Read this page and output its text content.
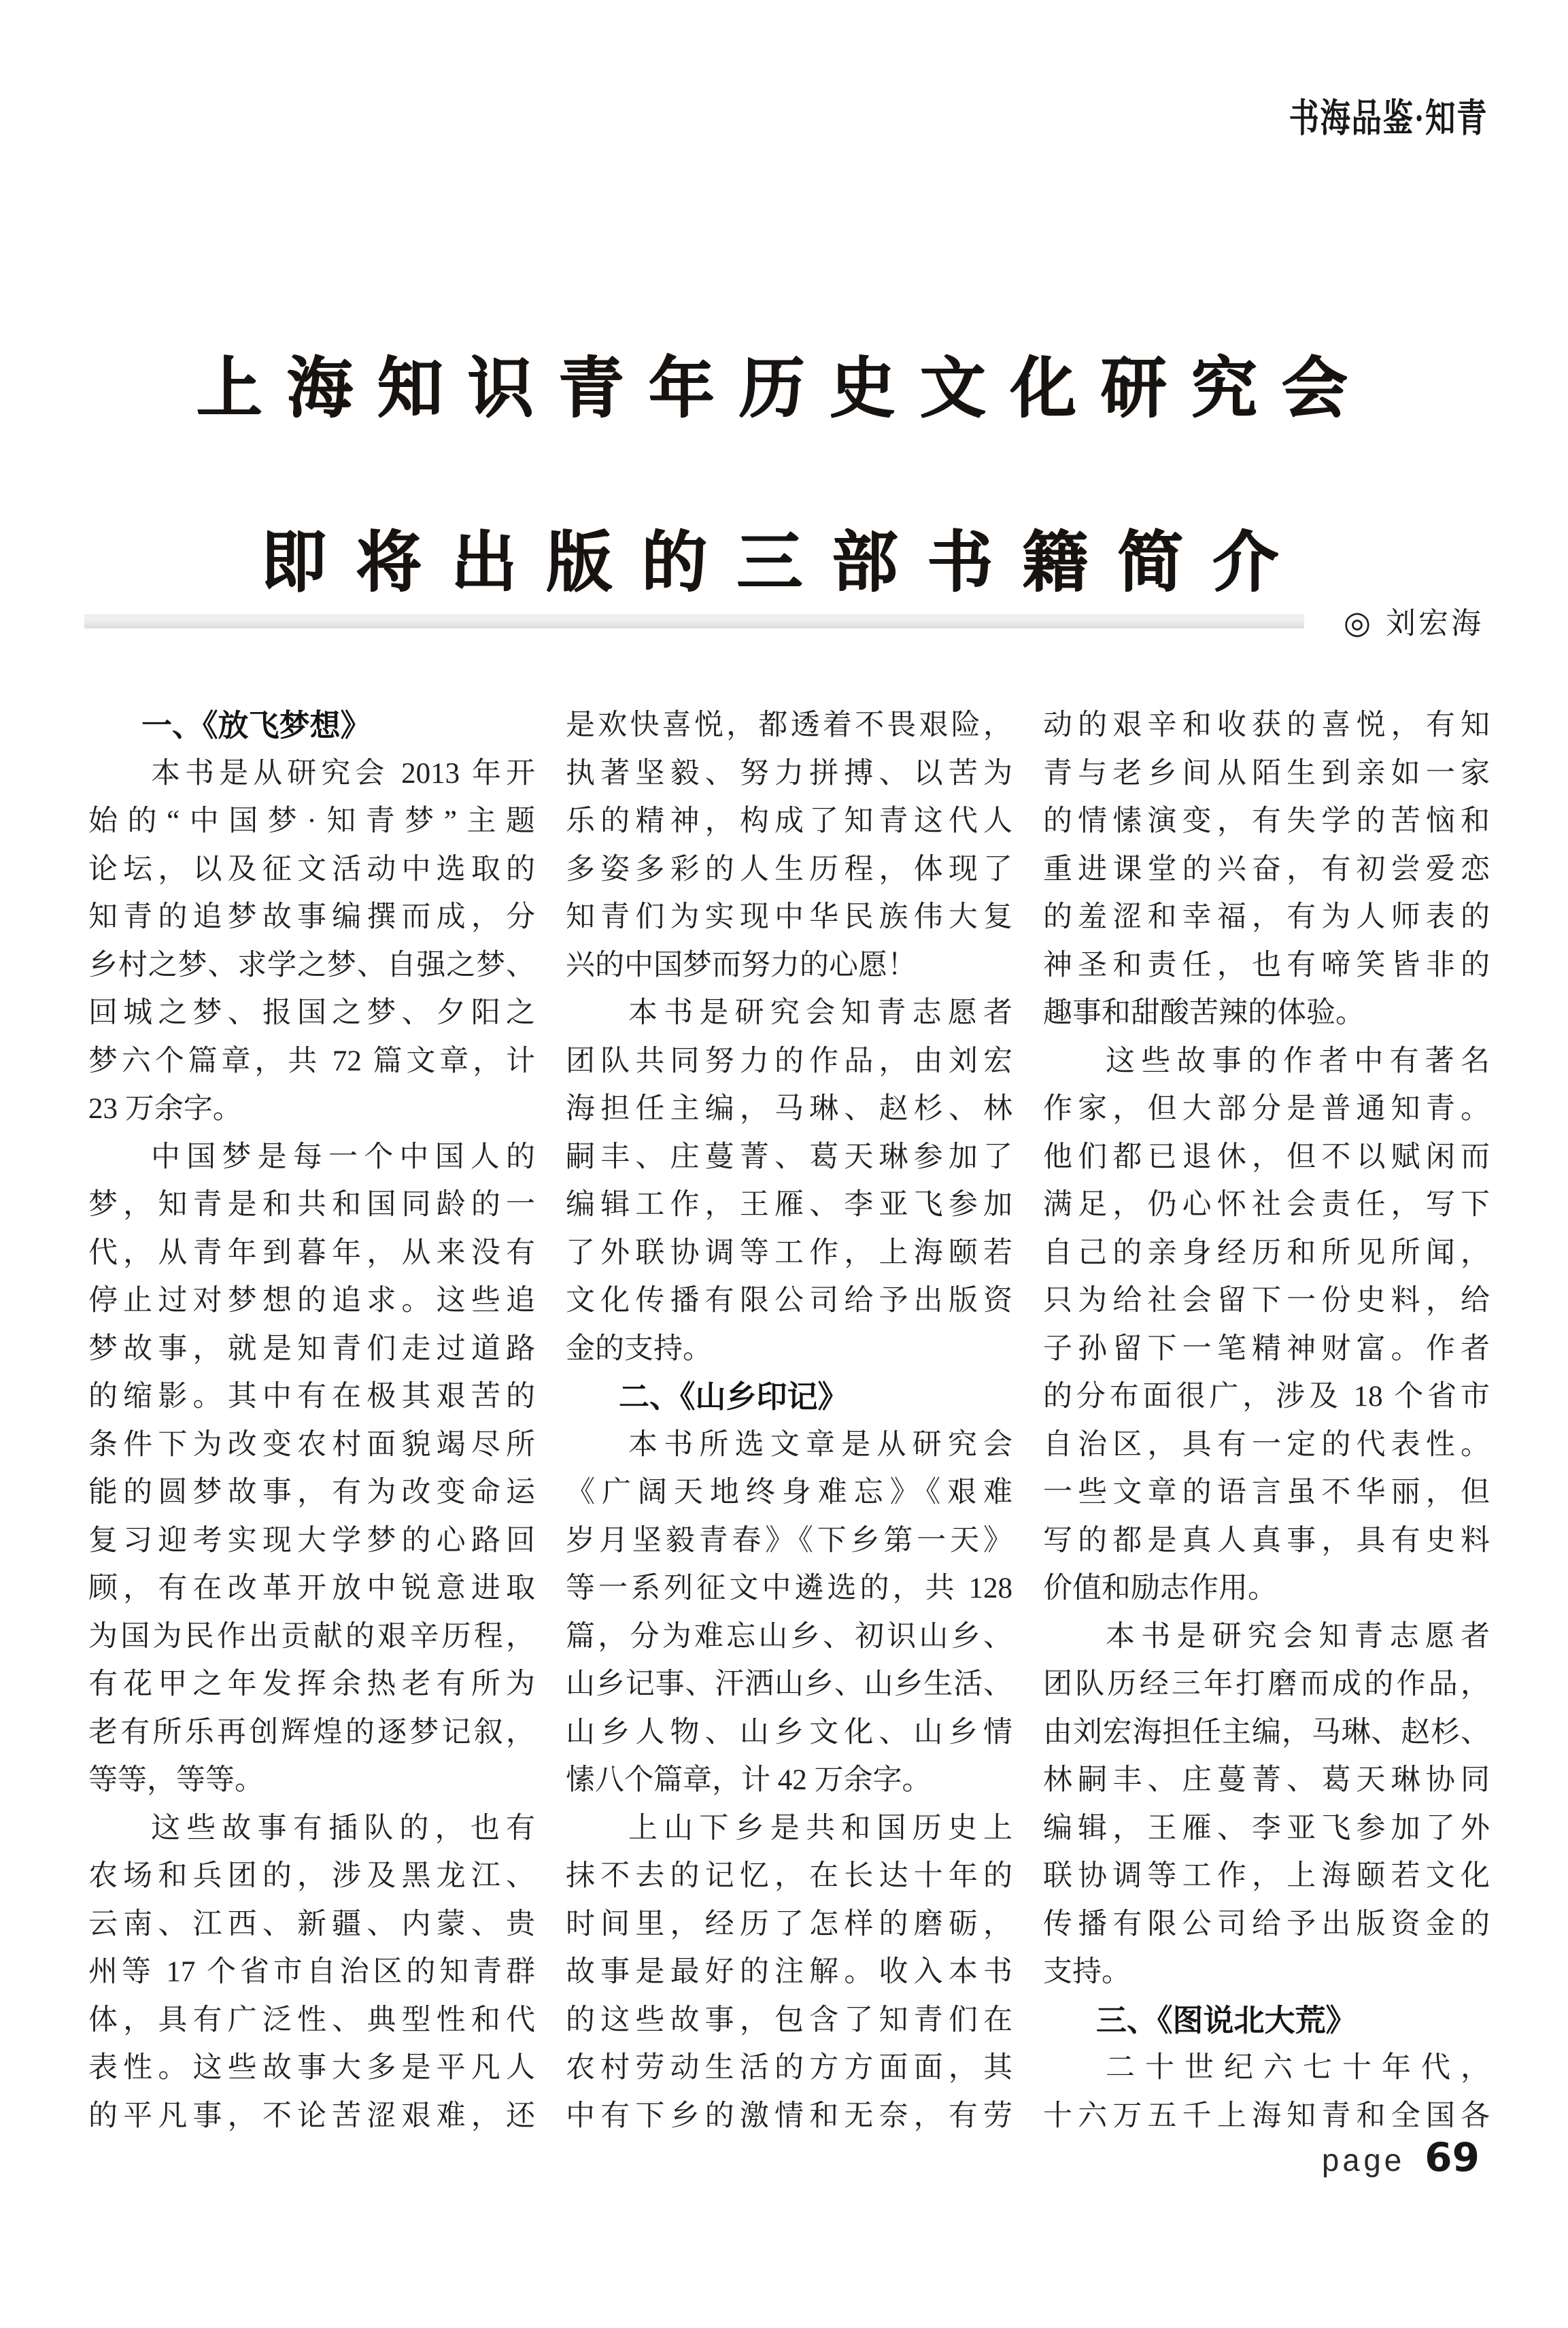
书海品鉴·知青
上海知识青年历史文化研究会
即将出版的三部书籍简介
◎ 刘宏海
一、《放飞梦想》
本书是从研究会 2013 年开
始的“中国梦·知青梦”主题
论坛，以及征文活动中选取的
知青的追梦故事编撰而成，分
乡村之梦、求学之梦、自强之梦、
回城之梦、报国之梦、夕阳之
梦六个篇章，共 72 篇文章，计
23 万余字。
中国梦是每一个中国人的
梦，知青是和共和国同龄的一
代，从青年到暮年，从来没有
停止过对梦想的追求。这些追
梦故事，就是知青们走过道路
的缩影。其中有在极其艰苦的
条件下为改变农村面貌竭尽所
能的圆梦故事，有为改变命运
复习迎考实现大学梦的心路回
顾，有在改革开放中锐意进取
为国为民作出贡献的艰辛历程，
有花甲之年发挥余热老有所为
老有所乐再创辉煌的逐梦记叙，
等等，等等。
这些故事有插队的，也有
农场和兵团的，涉及黑龙江、
云南、江西、新疆、内蒙、贵
州等 17 个省市自治区的知青群
体，具有广泛性、典型性和代
表性。这些故事大多是平凡人
的平凡事，不论苦涩艰难，还
是欢快喜悦，都透着不畏艰险，
执著坚毅、努力拼搏、以苦为
乐的精神，构成了知青这代人
多姿多彩的人生历程，体现了
知青们为实现中华民族伟大复
兴的中国梦而努力的心愿！
本书是研究会知青志愿者
团队共同努力的作品，由刘宏
海担任主编，马琳、赵杉、林
嗣丰、庄蔓菁、葛天琳参加了
编辑工作，王雁、李亚飞参加
了外联协调等工作，上海颐若
文化传播有限公司给予出版资
金的支持。
二、《山乡印记》
本书所选文章是从研究会
《广阔天地终身难忘》《艰难
岁月坚毅青春》《下乡第一天》
等一系列征文中遴选的，共 128
篇，分为难忘山乡、初识山乡、
山乡记事、汗洒山乡、山乡生活、
山乡人物、山乡文化、山乡情
愫八个篇章，计 42 万余字。
上山下乡是共和国历史上
抹不去的记忆，在长达十年的
时间里，经历了怎样的磨砺，
故事是最好的注解。收入本书
的这些故事，包含了知青们在
农村劳动生活的方方面面，其
中有下乡的激情和无奈，有劳
动的艰辛和收获的喜悦，有知
青与老乡间从陌生到亲如一家
的情愫演变，有失学的苦恼和
重进课堂的兴奋，有初尝爱恋
的羞涩和幸福，有为人师表的
神圣和责任，也有啼笑皆非的
趣事和甜酸苦辣的体验。
这些故事的作者中有著名
作家，但大部分是普通知青。
他们都已退休，但不以赋闲而
满足，仍心怀社会责任，写下
自己的亲身经历和所见所闻，
只为给社会留下一份史料，给
子孙留下一笔精神财富。作者
的分布面很广，涉及 18 个省市
自治区，具有一定的代表性。
一些文章的语言虽不华丽，但
写的都是真人真事，具有史料
价值和励志作用。
本书是研究会知青志愿者
团队历经三年打磨而成的作品，
由刘宏海担任主编，马琳、赵杉、
林嗣丰、庄蔓菁、葛天琳协同
编辑，王雁、李亚飞参加了外
联协调等工作，上海颐若文化
传播有限公司给予出版资金的
支持。
三、《图说北大荒》
二十世纪六七十年代，
十六万五千上海知青和全国各
page 69
